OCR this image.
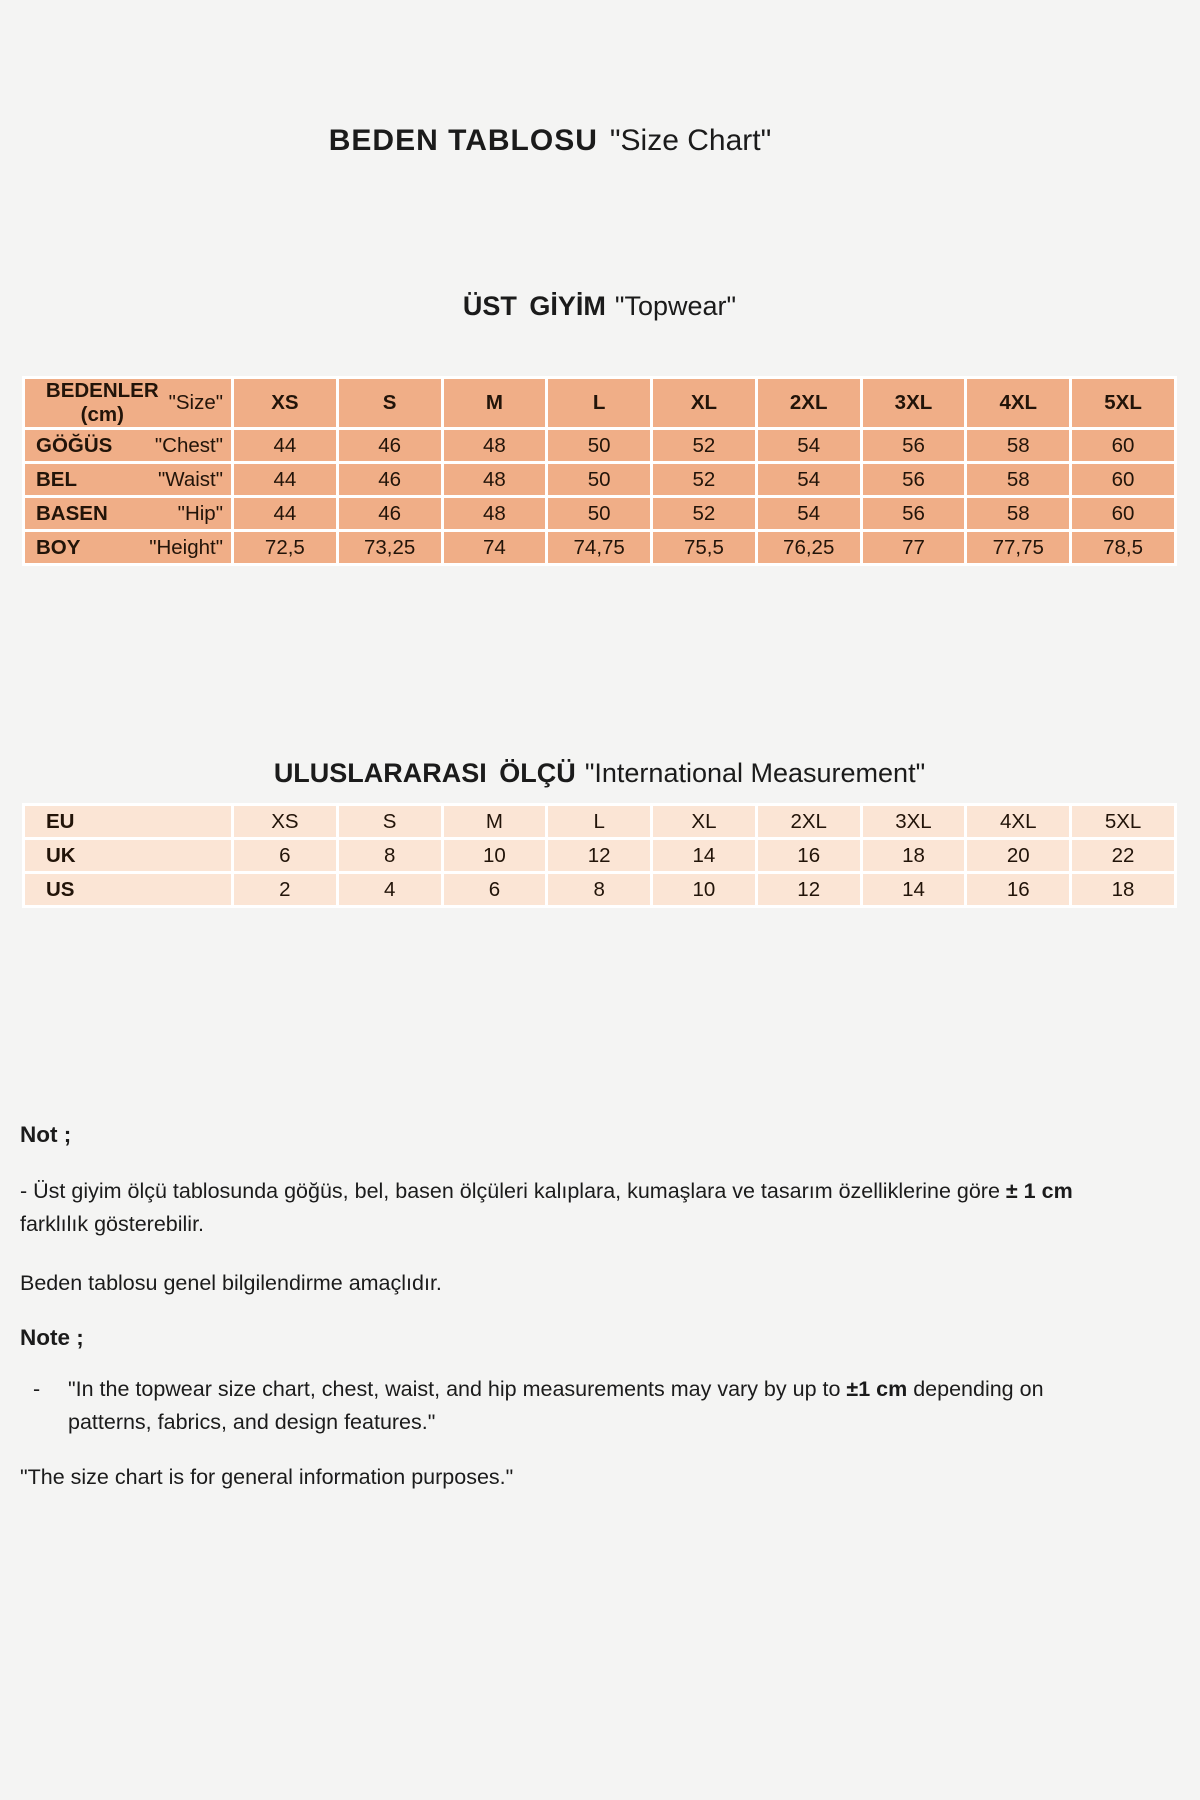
BEDEN TABLOSU "Size Chart"
ÜST GİYİM "Topwear"
BEDENLER (cm)
"Size"	XS	S	M	L	XL	2XL	3XL	4XL	5XL

GÖĞÜS "Chest"	44	46	48	50	52	54	56	58	60

BEL "Waist"	44	46	48	50	52	54	56	58	60

BASEN "Hip"	44	46	48	50	52	54	56	58	60

BOY "Height"	72,5	73,25	74	74,75	75,5	76,25	77	77,75	78,5
ULUSLARARASI ÖLÇÜ "International Measurement"
EU	XS	S	M	L	XL	2XL	3XL	4XL	5XL
UK	6	8	10	12	14	16	18	20	22
US	2	4	6	8	10	12	14	16	18
Not ;
- Üst giyim ölçü tablosunda göğüs, bel, basen ölçüleri kalıplara, kumaşlara ve tasarım özelliklerine göre ± 1 cm farklılık gösterebilir.
Beden tablosu genel bilgilendirme amaçlıdır.
Note ;
-	"In the topwear size chart, chest, waist, and hip measurements may vary by up to ±1 cm depending on patterns, fabrics, and design features."
"The size chart is for general information purposes."
